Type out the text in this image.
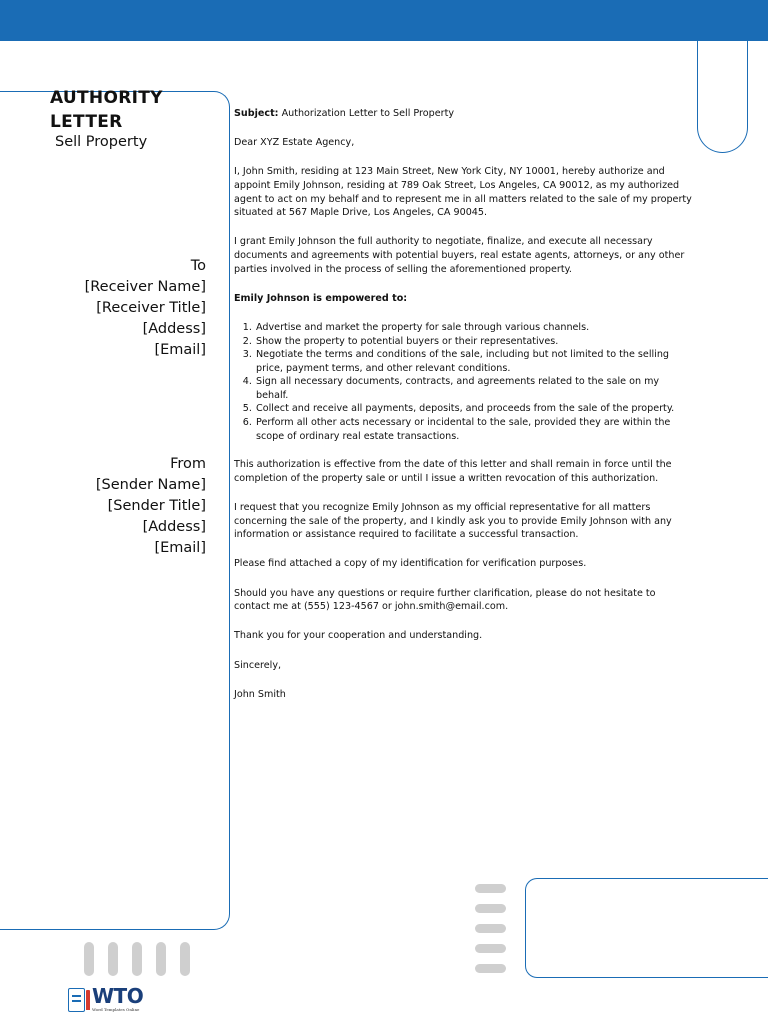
AUTHORITY
LETTER
Sell Property
To
[Receiver Name]
[Receiver Title]
[Addess]
[Email]
From
[Sender Name]
[Sender Title]
[Addess]
[Email]

Subject: Authorization Letter to Sell Property

Dear XYZ Estate Agency,

I, John Smith, residing at 123 Main Street, New York City, NY 10001, hereby authorize and appoint Emily Johnson, residing at 789 Oak Street, Los Angeles, CA 90012, as my authorized agent to act on my behalf and to represent me in all matters related to the sale of my property situated at 567 Maple Drive, Los Angeles, CA 90045.

I grant Emily Johnson the full authority to negotiate, finalize, and execute all necessary documents and agreements with potential buyers, real estate agents, attorneys, or any other parties involved in the process of selling the aforementioned property.

Emily Johnson is empowered to:

1. Advertise and market the property for sale through various channels.
2. Show the property to potential buyers or their representatives.
3. Negotiate the terms and conditions of the sale, including but not limited to the selling price, payment terms, and other relevant conditions.
4. Sign all necessary documents, contracts, and agreements related to the sale on my behalf.
5. Collect and receive all payments, deposits, and proceeds from the sale of the property.
6. Perform all other acts necessary or incidental to the sale, provided they are within the scope of ordinary real estate transactions.

This authorization is effective from the date of this letter and shall remain in force until the completion of the property sale or until I issue a written revocation of this authorization.

I request that you recognize Emily Johnson as my official representative for all matters concerning the sale of the property, and I kindly ask you to provide Emily Johnson with any information or assistance required to facilitate a successful transaction.

Please find attached a copy of my identification for verification purposes.

Should you have any questions or require further clarification, please do not hesitate to contact me at (555) 123-4567 or john.smith@email.com.

Thank you for your cooperation and understanding.

Sincerely,

John Smith

WTO
Word Templates Online
